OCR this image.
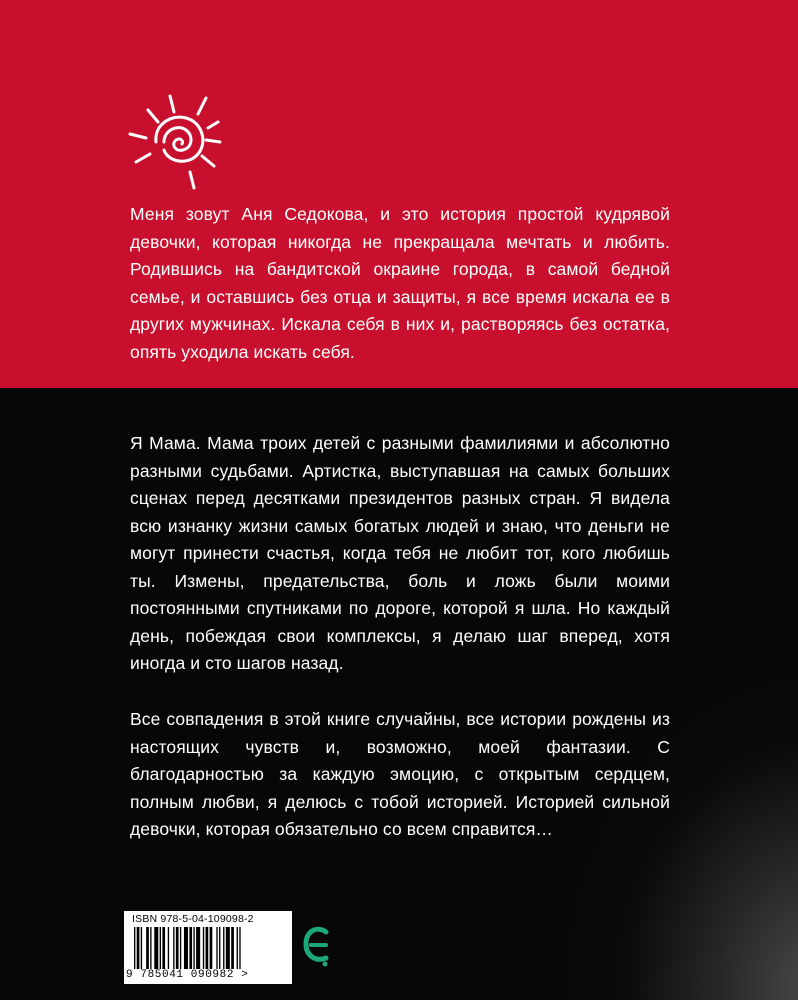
Меня зовут Аня Седокова, и это история простой кудрявой девочки, которая никогда не прекращала мечтать и любить. Родившись на бандитской окраине города, в самой бедной семье, и оставшись без отца и защиты, я все время искала ее в других мужчинах. Искала себя в них и, растворяясь без остатка, опять уходила искать себя.

Я Мама. Мама троих детей с разными фамилиями и абсолютно разными судьбами. Артистка, выступавшая на самых больших сценах перед десятками президентов разных стран. Я видела всю изнанку жизни самых богатых людей и знаю, что деньги не могут принести счастья, когда тебя не любит тот, кого любишь ты. Измены, предательства, боль и ложь были моими постоянными спутниками по дороге, которой я шла. Но каждый день, побеждая свои комплексы, я делаю шаг вперед, хотя иногда и сто шагов назад.

Все совпадения в этой книге случайны, все истории рождены из настоящих чувств и, возможно, моей фантазии. С благодарностью за каждую эмоцию, с открытым сердцем, полным любви, я делюсь с тобой историей. Историей сильной девочки, которая обязательно со всем справится…

ISBN 978-5-04-109098-2
9 785041 090982 >
